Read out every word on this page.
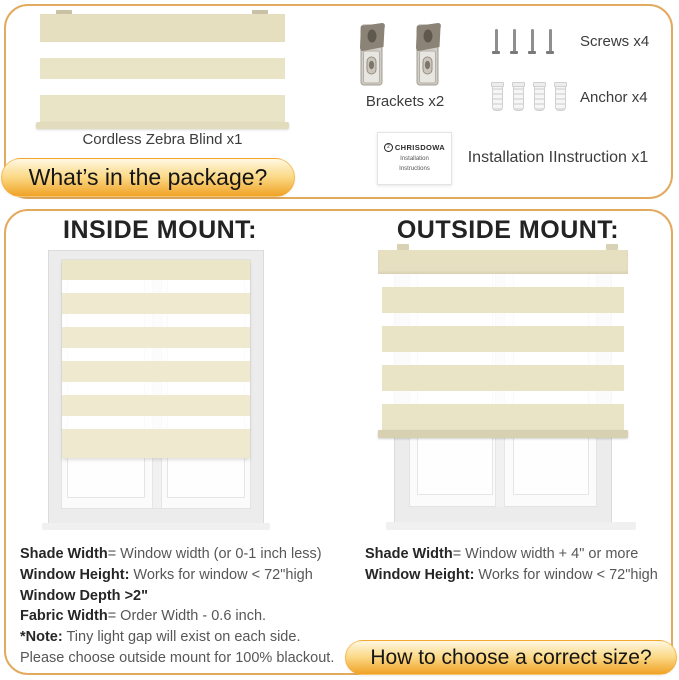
Cordless Zebra Blind x1
Brackets x2
Screws x4
Anchor x4
2 CHRISDOWA
Installation
Instructions
Installation IInstruction x1
What’s in the package?
INSIDE MOUNT:	OUTSIDE MOUNT:
Shade Width= Window width (or 0-1 inch less)
Window Height: Works for window < 72"high
Window Depth >2"
Fabric Width= Order Width - 0.6 inch.
*Note: Tiny light gap will exist on each side.
Please choose outside mount for 100% blackout.
Shade Width= Window width + 4" or more
Window Height: Works for window < 72"high
How to choose a correct size?
